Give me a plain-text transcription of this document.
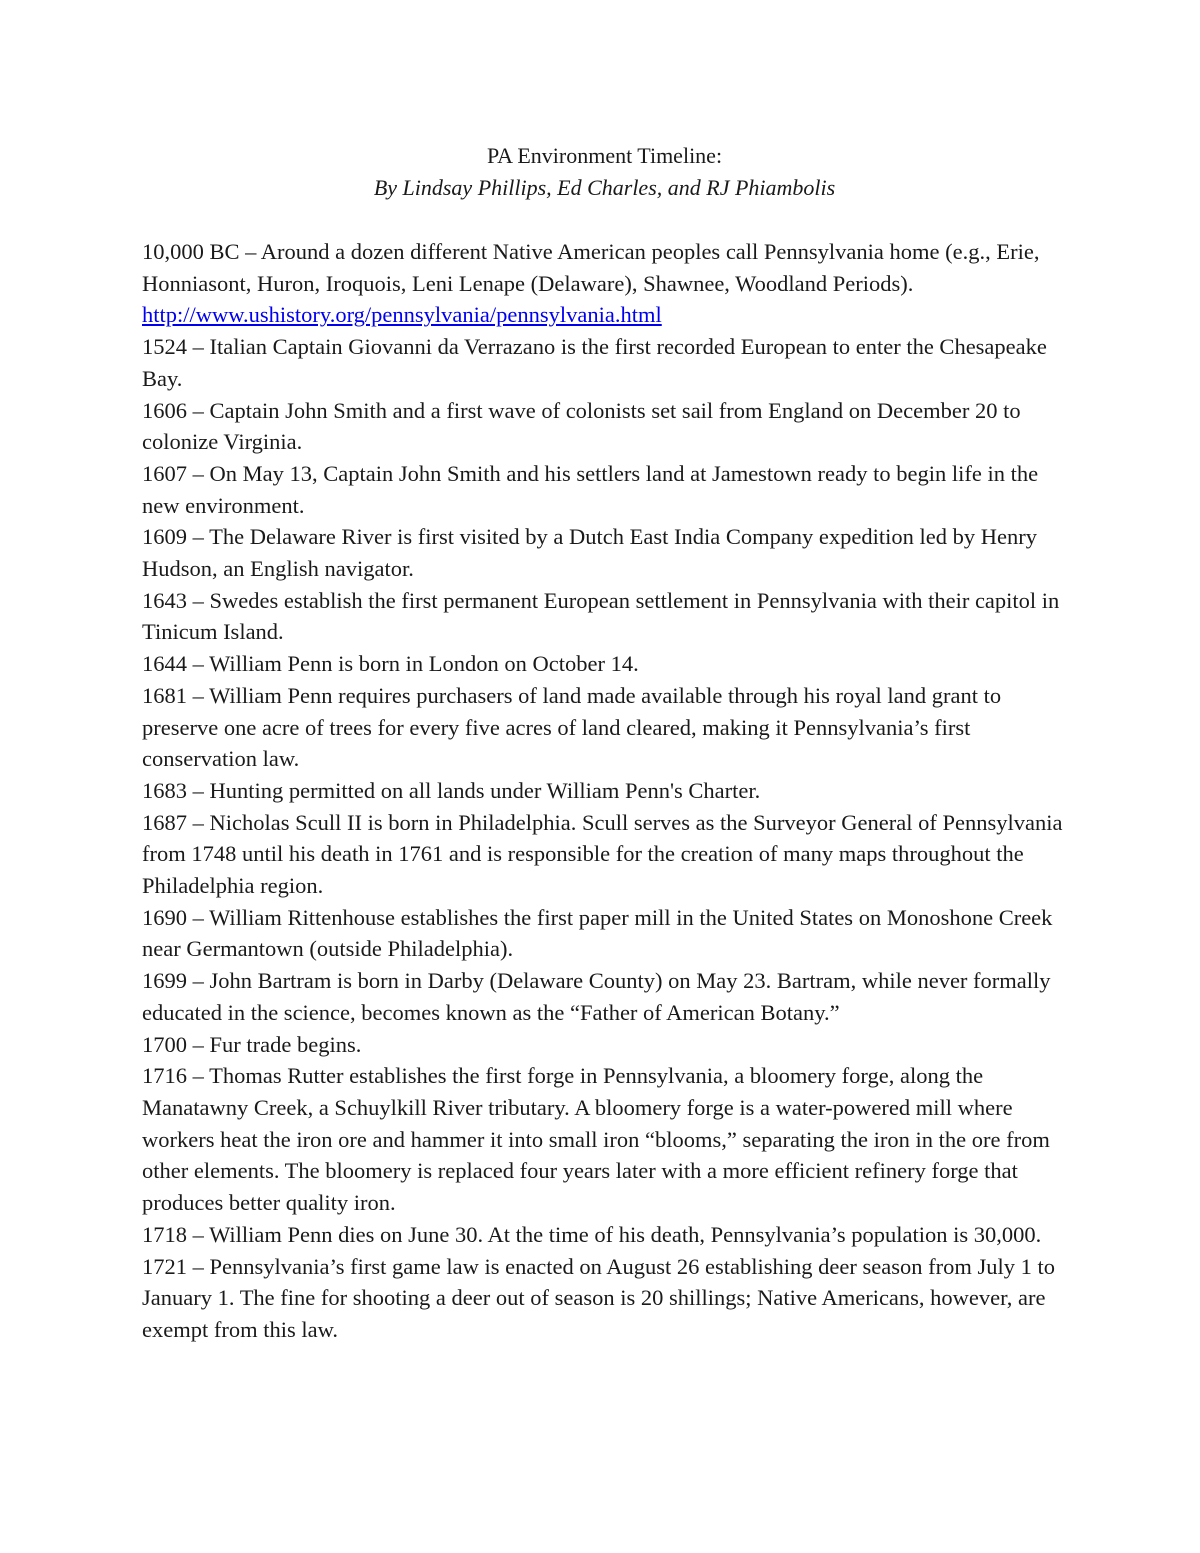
PA Environment Timeline:

By Lindsay Phillips, Ed Charles, and RJ Phiambolis

10,000 BC – Around a dozen different Native American peoples call Pennsylvania home (e.g., Erie, Honniasont, Huron, Iroquois, Leni Lenape (Delaware), Shawnee, Woodland Periods). http://www.ushistory.org/pennsylvania/pennsylvania.html

1524 – Italian Captain Giovanni da Verrazano is the first recorded European to enter the Chesapeake Bay.

1606 – Captain John Smith and a first wave of colonists set sail from England on December 20 to colonize Virginia.

1607 – On May 13, Captain John Smith and his settlers land at Jamestown ready to begin life in the new environment.

1609 – The Delaware River is first visited by a Dutch East India Company expedition led by Henry Hudson, an English navigator.

1643 – Swedes establish the first permanent European settlement in Pennsylvania with their capitol in Tinicum Island.

1644 – William Penn is born in London on October 14.

1681 – William Penn requires purchasers of land made available through his royal land grant to preserve one acre of trees for every five acres of land cleared, making it Pennsylvania’s first conservation law.

1683 – Hunting permitted on all lands under William Penn's Charter.

1687 – Nicholas Scull II is born in Philadelphia. Scull serves as the Surveyor General of Pennsylvania from 1748 until his death in 1761 and is responsible for the creation of many maps throughout the Philadelphia region.

1690 – William Rittenhouse establishes the first paper mill in the United States on Monoshone Creek near Germantown (outside Philadelphia).

1699 – John Bartram is born in Darby (Delaware County) on May 23. Bartram, while never formally educated in the science, becomes known as the “Father of American Botany.”

1700 – Fur trade begins.

1716 – Thomas Rutter establishes the first forge in Pennsylvania, a bloomery forge, along the Manatawny Creek, a Schuylkill River tributary. A bloomery forge is a water-powered mill where workers heat the iron ore and hammer it into small iron “blooms,” separating the iron in the ore from other elements. The bloomery is replaced four years later with a more efficient refinery forge that produces better quality iron.

1718 – William Penn dies on June 30. At the time of his death, Pennsylvania’s population is 30,000.

1721 – Pennsylvania’s first game law is enacted on August 26 establishing deer season from July 1 to January 1. The fine for shooting a deer out of season is 20 shillings; Native Americans, however, are exempt from this law.
